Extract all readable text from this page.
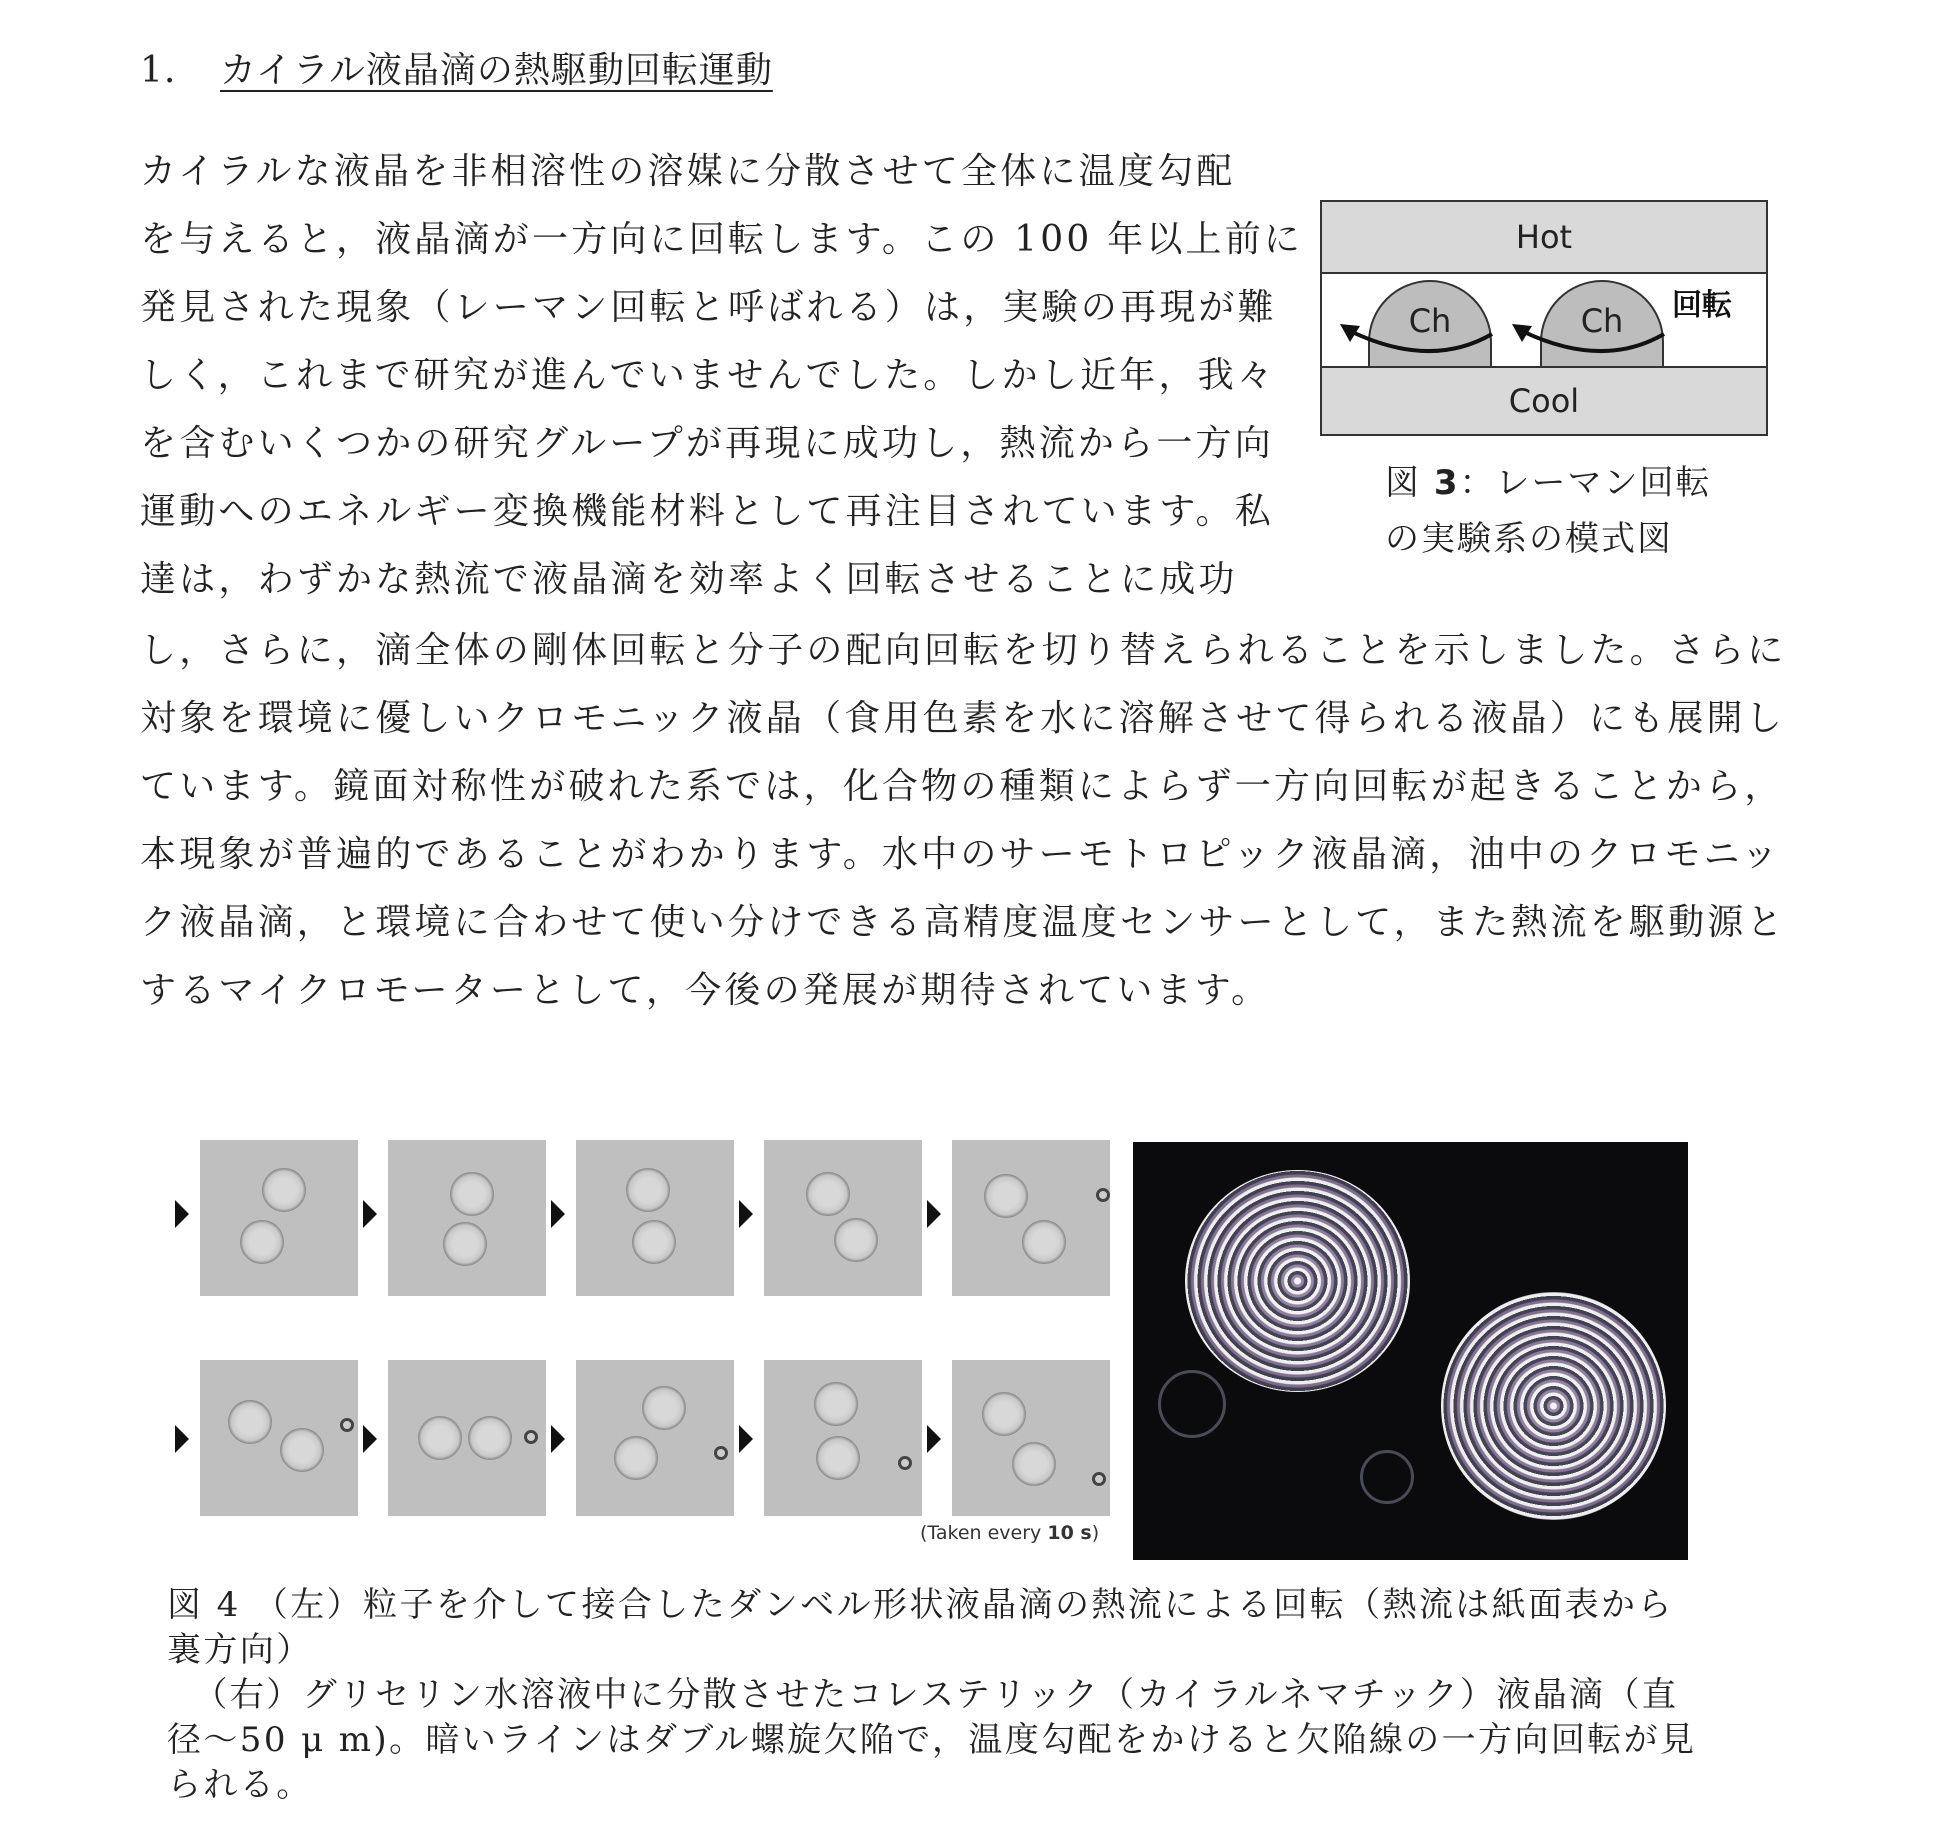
1. カイラル液晶滴の熱駆動回転運動
カイラルな液晶を非相溶性の溶媒に分散させて全体に温度勾配
を与えると，液晶滴が一方向に回転します。この 100 年以上前に
発見された現象（レーマン回転と呼ばれる）は，実験の再現が難
しく，これまで研究が進んでいませんでした。しかし近年，我々
を含むいくつかの研究グループが再現に成功し，熱流から一方向
運動へのエネルギー変換機能材料として再注目されています。私
達は，わずかな熱流で液晶滴を効率よく回転させることに成功
し，さらに，滴全体の剛体回転と分子の配向回転を切り替えられることを示しました。さらに
対象を環境に優しいクロモニック液晶（食用色素を水に溶解させて得られる液晶）にも展開し
ています。鏡面対称性が破れた系では，化合物の種類によらず一方向回転が起きることから，
本現象が普遍的であることがわかります。水中のサーモトロピック液晶滴，油中のクロモニッ
ク液晶滴，と環境に合わせて使い分けできる高精度温度センサーとして，また熱流を駆動源と
するマイクロモーターとして，今後の発展が期待されています。
Hot
Ch	Ch
Cool
回転
図 3：レーマン回転
の実験系の模式図
(Taken every 10 s)
図 4 （左）粒子を介して接合したダンベル形状液晶滴の熱流による回転（熱流は紙面表から
裏方向）
（右）グリセリン水溶液中に分散させたコレステリック（カイラルネマチック）液晶滴（直
径〜50 μ m)。暗いラインはダブル螺旋欠陥で，温度勾配をかけると欠陥線の一方向回転が見
られる。
